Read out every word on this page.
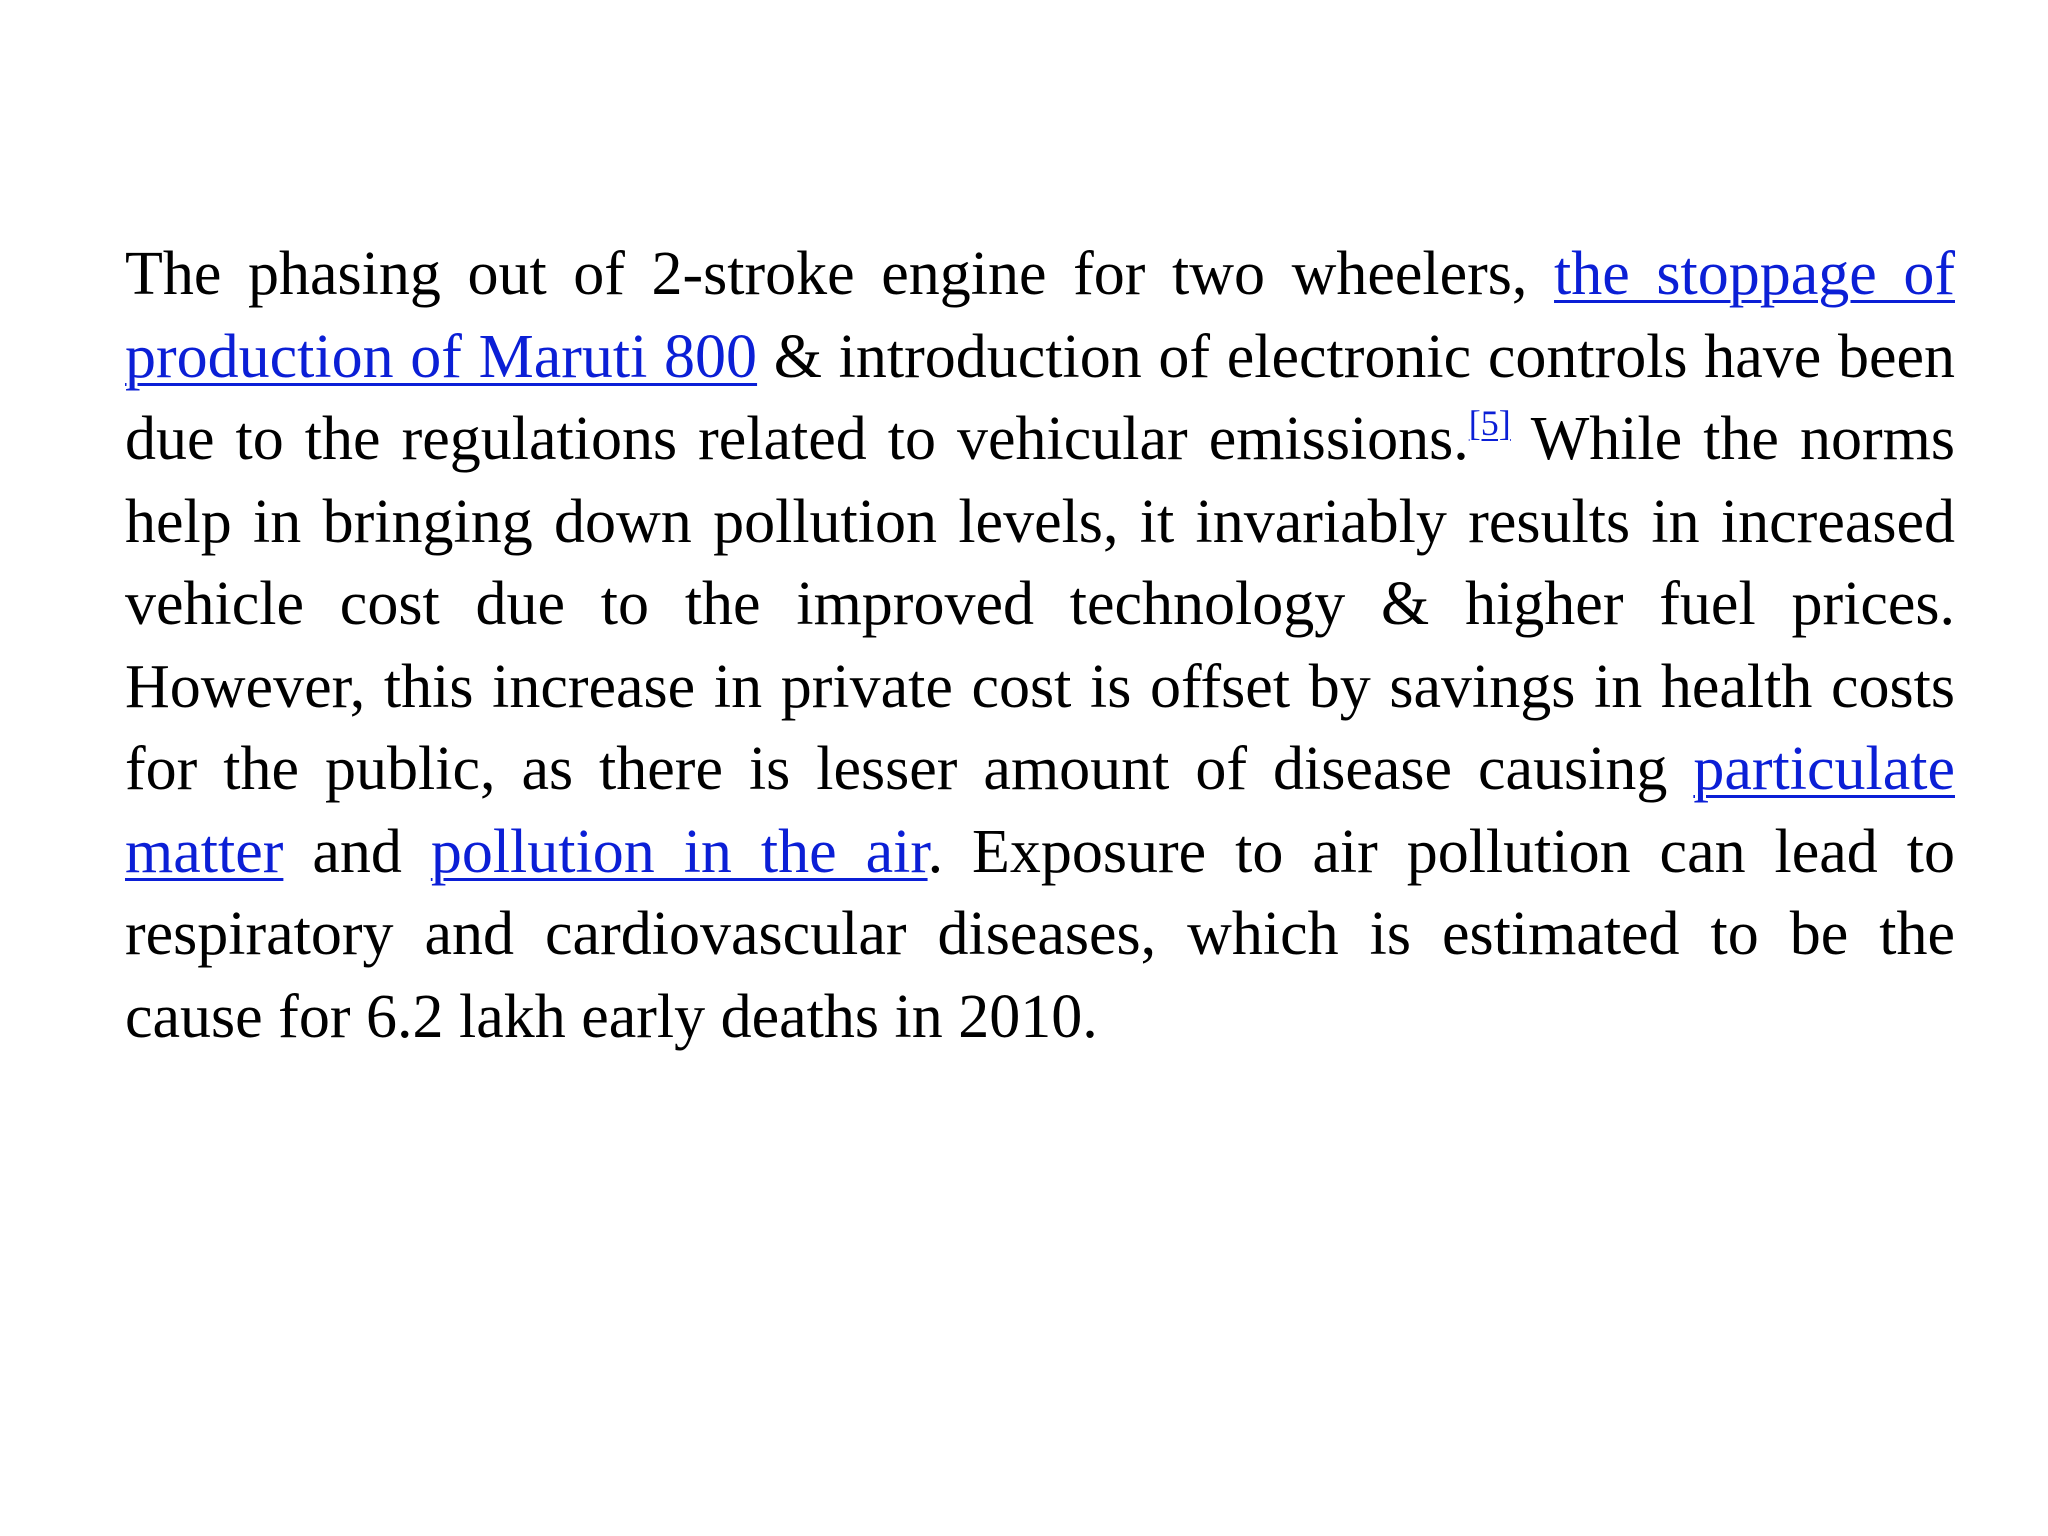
The phasing out of 2-stroke engine for two wheelers, the stoppage of production of Maruti 800 & introduction of electronic controls have been due to the regulations related to vehicular emissions.[5] While the norms help in bringing down pollution levels, it invariably results in increased vehicle cost due to the improved technology & higher fuel prices. However, this increase in private cost is offset by savings in health costs for the public, as there is lesser amount of disease causing particulate matter and pollution in the air. Exposure to air pollution can lead to respiratory and cardiovascular diseases, which is estimated to be the cause for 6.2 lakh early deaths in 2010.
